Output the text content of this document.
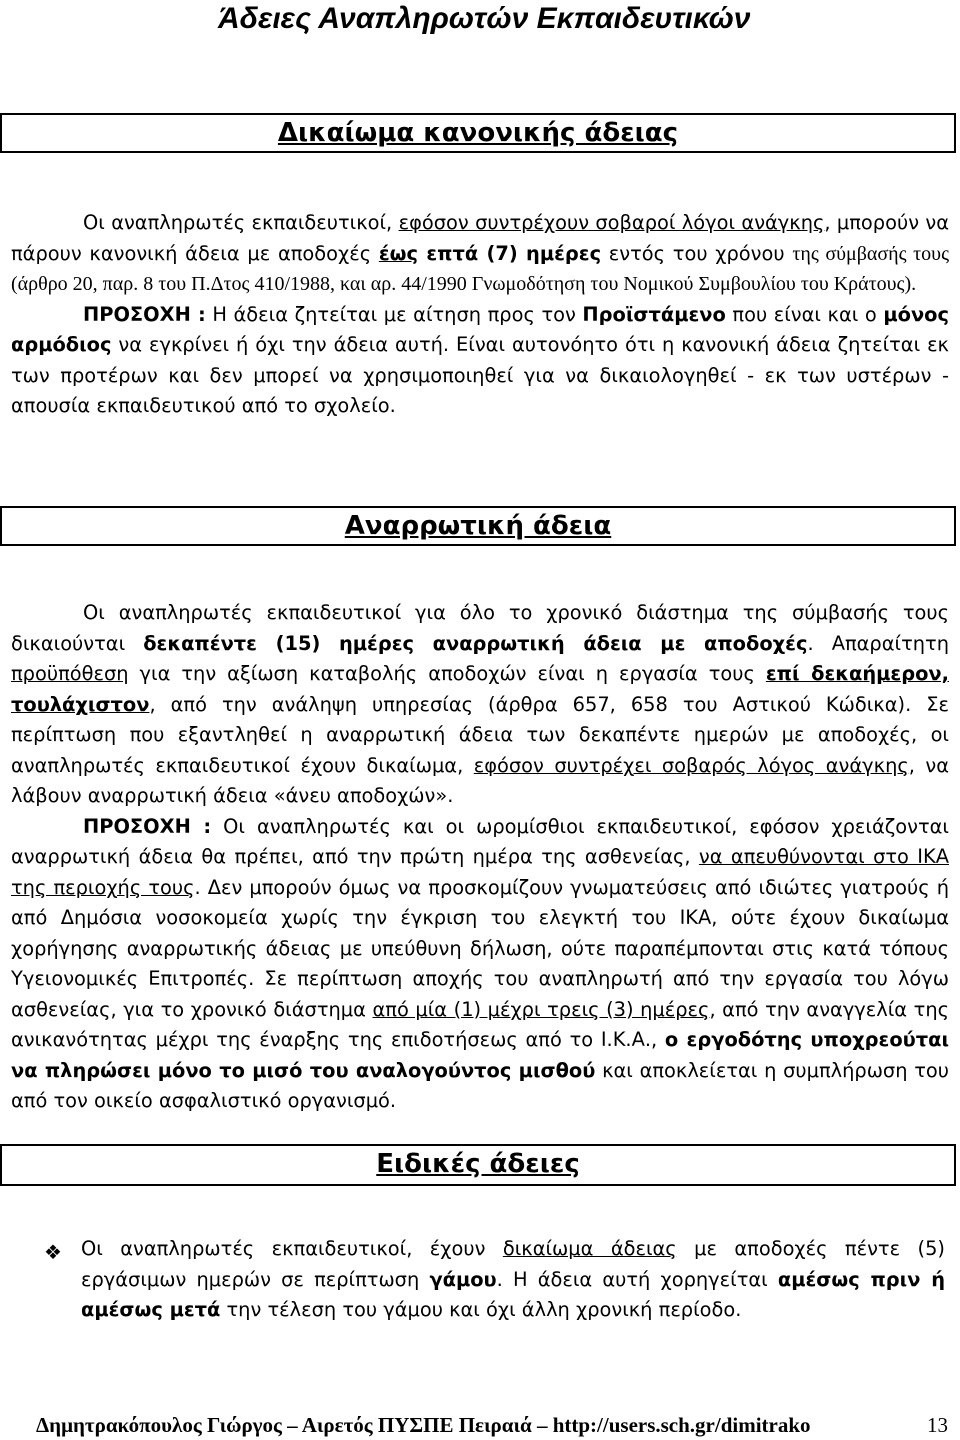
Άδειες Αναπληρωτών Εκπαιδευτικών
Δικαίωμα κανονικής άδειας

Οι αναπληρωτές εκπαιδευτικοί, εφόσον συντρέχουν σοβαροί λόγοι ανάγκης, μπορούν να πάρουν κανονική άδεια με αποδοχές έως επτά (7) ημέρες εντός του χρόνου της σύμβασής τους (άρθρο 20, παρ. 8 του Π.Δτος 410/1988, και αρ. 44/1990 Γνωμοδότηση του Νομικού Συμβουλίου του Κράτους).

ΠΡΟΣΟΧΗ : Η άδεια ζητείται με αίτηση προς τον Προϊστάμενο που είναι και ο μόνος αρμόδιος να εγκρίνει ή όχι την άδεια αυτή. Είναι αυτονόητο ότι η κανονική άδεια ζητείται εκ των προτέρων και δεν μπορεί να χρησιμοποιηθεί για να δικαιολογηθεί - εκ των υστέρων - απουσία εκπαιδευτικού από το σχολείο.

Αναρρωτική άδεια

Οι αναπληρωτές εκπαιδευτικοί για όλο το χρονικό διάστημα της σύμβασής τους δικαιούνται δεκαπέντε (15) ημέρες αναρρωτική άδεια με αποδοχές. Απαραίτητη προϋπόθεση για την αξίωση καταβολής αποδοχών είναι η εργασία τους επί δεκαήμερον, τουλάχιστον, από την ανάληψη υπηρεσίας (άρθρα 657, 658 του Αστικού Κώδικα). Σε περίπτωση που εξαντληθεί η αναρρωτική άδεια των δεκαπέντε ημερών με αποδοχές, οι αναπληρωτές εκπαιδευτικοί έχουν δικαίωμα, εφόσον συντρέχει σοβαρός λόγος ανάγκης, να λάβουν αναρρωτική άδεια «άνευ αποδοχών».

ΠΡΟΣΟΧΗ : Οι αναπληρωτές και οι ωρομίσθιοι εκπαιδευτικοί, εφόσον χρειάζονται αναρρωτική άδεια θα πρέπει, από την πρώτη ημέρα της ασθενείας, να απευθύνονται στο ΙΚΑ της περιοχής τους. Δεν μπορούν όμως να προσκομίζουν γνωματεύσεις από ιδιώτες γιατρούς ή από Δημόσια νοσοκομεία χωρίς την έγκριση του ελεγκτή του ΙΚΑ, ούτε έχουν δικαίωμα χορήγησης αναρρωτικής άδειας με υπεύθυνη δήλωση, ούτε παραπέμπονται στις κατά τόπους Υγειονομικές Επιτροπές. Σε περίπτωση αποχής του αναπληρωτή από την εργασία του λόγω ασθενείας, για το χρονικό διάστημα από μία (1) μέχρι τρεις (3) ημέρες, από την αναγγελία της ανικανότητας μέχρι της έναρξης της επιδοτήσεως από το Ι.Κ.Α., ο εργοδότης υποχρεούται να πληρώσει μόνο το μισό του αναλογούντος μισθού και αποκλείεται η συμπλήρωση του από τον οικείο ασφαλιστικό οργανισμό.

Ειδικές άδειες
❖ Οι αναπληρωτές εκπαιδευτικοί, έχουν δικαίωμα άδειας με αποδοχές πέντε (5) εργάσιμων ημερών σε περίπτωση γάμου. Η άδεια αυτή χορηγείται αμέσως πριν ή αμέσως μετά την τέλεση του γάμου και όχι άλλη χρονική περίοδο.

Δημητρακόπουλος Γιώργος – Αιρετός ΠΥΣΠΕ Πειραιά – http://users.sch.gr/dimitrako	13
